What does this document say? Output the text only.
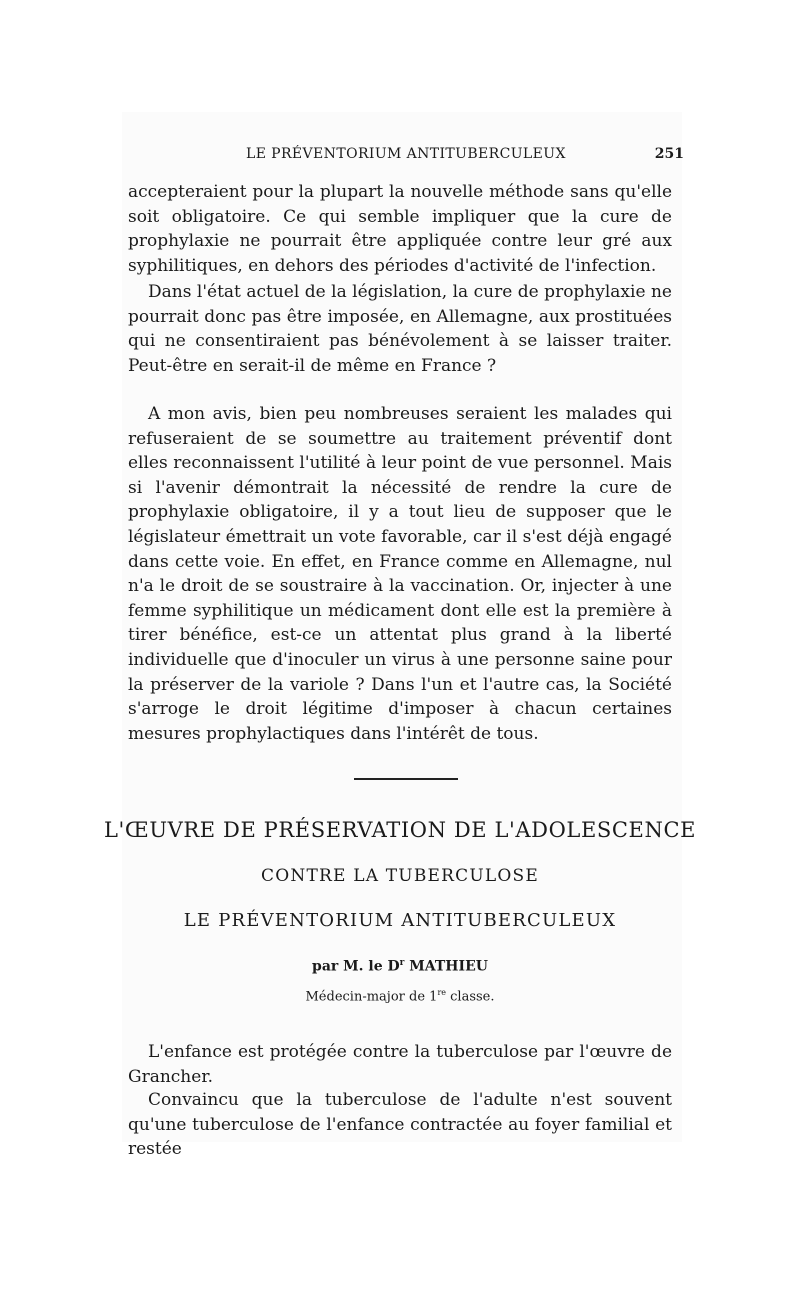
LE PRÉVENTORIUM ANTITUBERCULEUX	251

accepteraient pour la plupart la nouvelle méthode sans qu'elle soit obligatoire. Ce qui semble impliquer que la cure de prophylaxie ne pourrait être appliquée contre leur gré aux syphilitiques, en dehors des périodes d'activité de l'infection.

Dans l'état actuel de la législation, la cure de prophylaxie ne pourrait donc pas être imposée, en Allemagne, aux prostituées qui ne consentiraient pas bénévolement à se laisser traiter. Peut-être en serait-il de même en France ?

A mon avis, bien peu nombreuses seraient les malades qui refuseraient de se soumettre au traitement préventif dont elles reconnaissent l'utilité à leur point de vue personnel. Mais si l'avenir démontrait la nécessité de rendre la cure de prophylaxie obligatoire, il y a tout lieu de supposer que le législateur émettrait un vote favorable, car il s'est déjà engagé dans cette voie. En effet, en France comme en Allemagne, nul n'a le droit de se soustraire à la vaccination. Or, injecter à une femme syphilitique un médicament dont elle est la première à tirer bénéfice, est-ce un attentat plus grand à la liberté individuelle que d'inoculer un virus à une personne saine pour la préserver de la variole ? Dans l'un et l'autre cas, la Société s'arroge le droit légitime d'imposer à chacun certaines mesures prophylactiques dans l'intérêt de tous.

L'ŒUVRE DE PRÉSERVATION DE L'ADOLESCENCE
CONTRE LA TUBERCULOSE
LE PRÉVENTORIUM ANTITUBERCULEUX
par M. le $D^r$ MATHIEU
Médecin-major de 1re classe.

L'enfance est protégée contre la tuberculose par l'œuvre de Grancher.

Convaincu que la tuberculose de l'adulte n'est souvent qu'une tuberculose de l'enfance contractée au foyer familial et restée
